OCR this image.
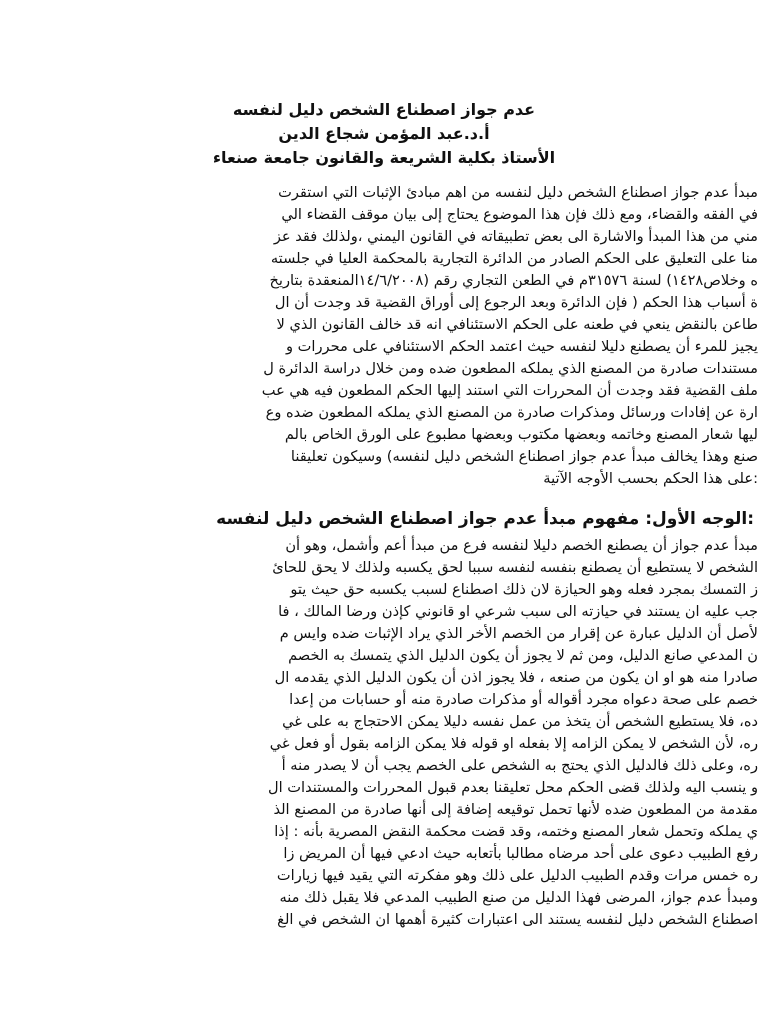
عدم جواز اصطناع الشخص دليل لنفسه
أ.د.عبد المؤمن شجاع الدين
الأستاذ بكلية الشريعة والقانون جامعة صنعاء
مبدأ عدم جواز اصطناع الشخص دليل لنفسه من اهم مبادئ الإثبات التي استقرت
في الفقه والقضاء، ومع ذلك فإن هذا الموضوع يحتاج إلى بيان موقف القضاء الي
مني من هذا المبدأ والاشارة الى بعض تطبيقاته في القانون اليمني ،ولذلك فقد عز
منا على التعليق على الحكم الصادر من الدائرة التجارية بالمحكمة العليا في جلسته
ه وخلاص١٤٢٨) لسنة ٣١٥٧٦م في الطعن التجاري رقم (١٤/٦/٢٠٠٨المنعقدة بتاريخ
ة أسباب هذا الحكم ( فإن الدائرة وبعد الرجوع إلى أوراق القضية قد وجدت أن ال
طاعن بالنقض ينعي في طعنه على الحكم الاستئنافي انه قد خالف القانون الذي لا
يجيز للمرء أن يصطنع دليلا لنفسه حيث اعتمد الحكم الاستئنافي على محررات و
مستندات صادرة من المصنع الذي يملكه المطعون ضده ومن خلال دراسة الدائرة ل
ملف القضية فقد وجدت أن المحررات التي استند إليها الحكم المطعون فيه هي عب
ارة عن إفادات ورسائل ومذكرات صادرة من المصنع الذي يملكه المطعون ضده وع
ليها شعار المصنع وخاتمه وبعضها مكتوب وبعضها مطبوع على الورق الخاص بالم
صنع وهذا يخالف مبدأ عدم جواز اصطناع الشخص دليل لنفسه) وسيكون تعليقنا
:على هذا الحكم بحسب الأوجه الآتية
:الوجه الأول: مفهوم مبدأ عدم جواز اصطناع الشخص دليل لنفسه
مبدأ عدم جواز أن يصطنع الخصم دليلا لنفسه فرع من مبدأ أعم وأشمل، وهو أن
الشخص لا يستطيع أن يصطنع بنفسه لنفسه سببا لحق يكسبه ولذلك لا يحق للحائ
ز التمسك بمجرد فعله وهو الحيازة لان ذلك اصطناع لسبب يكسبه حق حيث يتو
جب عليه ان يستند في حيازته الى سبب شرعي او قانوني كإذن ورضا المالك ، فا
لأصل أن الدليل عبارة عن إقرار من الخصم الأخر الذي يراد الإثبات ضده وايس م
ن المدعي صانع الدليل، ومن ثم لا يجوز أن يكون الدليل الذي يتمسك به الخصم
صادرا منه هو او ان يكون من صنعه ، فلا يجوز اذن أن يكون الدليل الذي يقدمه ال
خصم على صحة دعواه مجرد أقواله أو مذكرات صادرة منه أو حسابات من إعدا
ده، فلا يستطيع الشخص أن يتخذ من عمل نفسه دليلا يمكن الاحتجاج به على غي
ره، لأن الشخص لا يمكن الزامه إلا بفعله او قوله فلا يمكن الزامه بقول أو فعل غي
ره، وعلى ذلك فالدليل الذي يحتج به الشخص على الخصم يجب أن لا يصدر منه أ
و ينسب اليه ولذلك قضى الحكم محل تعليقنا بعدم قبول المحررات والمستندات ال
مقدمة من المطعون ضده لأنها تحمل توقيعه إضافة إلى أنها صادرة من المصنع الذ
ي يملكه وتحمل شعار المصنع وختمه، وقد قضت محكمة النقض المصرية بأنه : إذا
رفع الطبيب دعوى على أحد مرضاه مطالبا بأتعابه حيث ادعي فيها أن المريض زا
ره خمس مرات وقدم الطبيب الدليل على ذلك وهو مفكرته التي يقيد فيها زيارات
ومبدأ عدم جواز، المرضى فهذا الدليل من صنع الطبيب المدعي فلا يقبل ذلك منه
اصطناع الشخص دليل لنفسه يستند الى اعتبارات كثيرة أهمها ان الشخص في الغ
